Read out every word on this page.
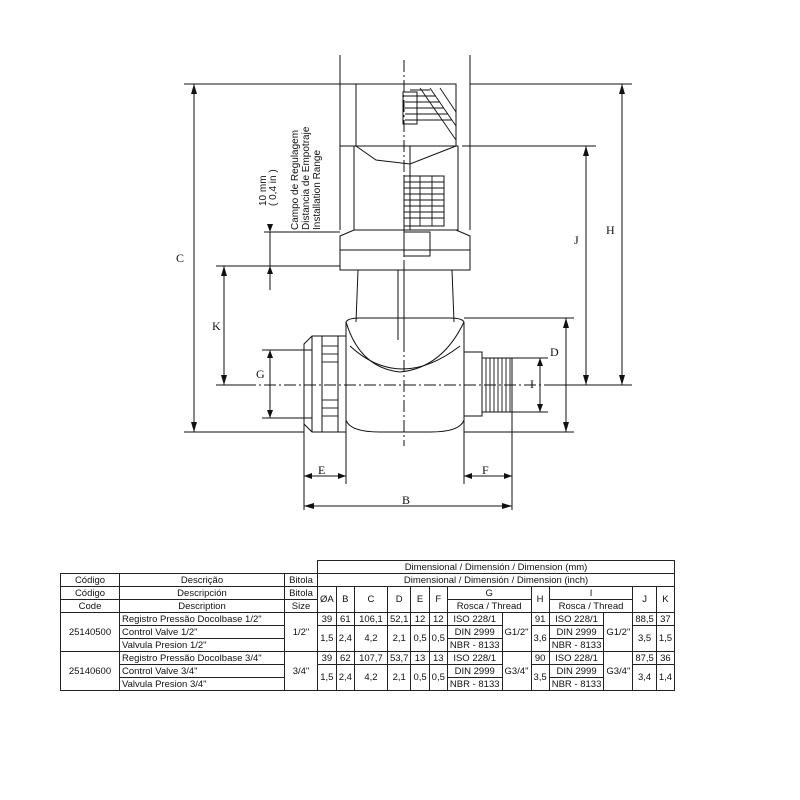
C
K
G
E	F
B
I
D
J
H
10 mm ( 0,4 in ) Campo de Regulagem Distancia de Empotraje Installation Range
			Dimensional / Dimensión / Dimension (mm)												
Código	Descrição	Bitola	Dimensional / Dimensión / Dimension (inch)												
Código	Descripción	Bitola	ØA	B	C	D	E	F	G		H	I		J	K
Code	Description	Size							Rosca / Thread			Rosca / Thread			
25140500	Registro Pressão Docolbase 1/2"	1/2"	39	61	106,1	52,1	12	12	ISO 228/1	G1/2"	91	ISO 228/1	G1/2"	88,5	37
	Control Valve 1/2"		1,5	2,4	4,2	2,1	0,5	0,5	DIN 2999		3,6	DIN 2999		3,5	1,5
	Valvula Presion 1/2"								NBR - 8133			NBR - 8133			
25140600	Registro Pressão Docolbase 3/4"	3/4"	39	62	107,7	53,7	13	13	ISO 228/1	G3/4"	90	ISO 228/1	G3/4"	87,5	36
	Control Valve 3/4"		1,5	2,4	4,2	2,1	0,5	0,5	DIN 2999		3,5	DIN 2999		3,4	1,4
	Valvula Presion 3/4"								NBR - 8133			NBR - 8133			
